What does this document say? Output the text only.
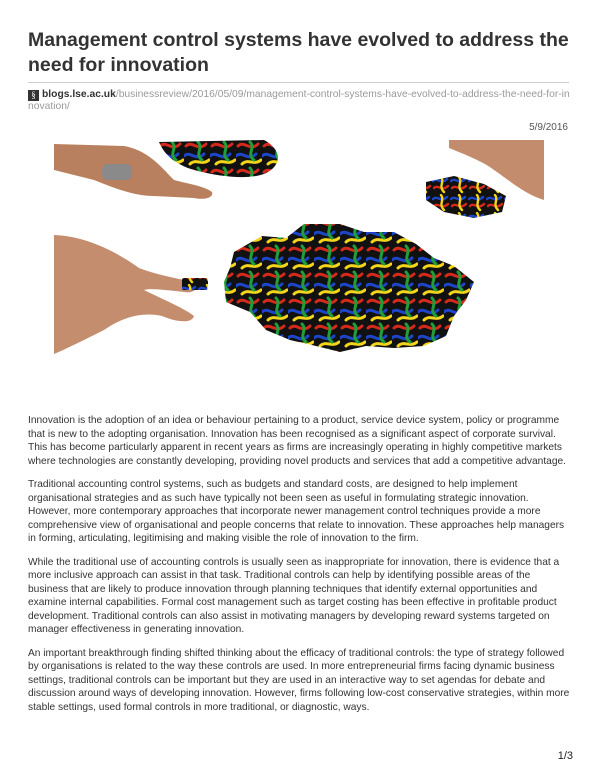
Management control systems have evolved to address the need for innovation
§ blogs.lse.ac.uk/businessreview/2016/05/09/management-control-systems-have-evolved-to-address-the-need-for-innovation/
5/9/2016

Innovation is the adoption of an idea or behaviour pertaining to a product, service device system, policy or programme that is new to the adopting organisation. Innovation has been recognised as a significant aspect of corporate survival. This has become particularly apparent in recent years as firms are increasingly operating in highly competitive markets where technologies are constantly developing, providing novel products and services that add a competitive advantage.

Traditional accounting control systems, such as budgets and standard costs, are designed to help implement organisational strategies and as such have typically not been seen as useful in formulating strategic innovation. However, more contemporary approaches that incorporate newer management control techniques provide a more comprehensive view of organisational and people concerns that relate to innovation. These approaches help managers in forming, articulating, legitimising and making visible the role of innovation to the firm.

While the traditional use of accounting controls is usually seen as inappropriate for innovation, there is evidence that a more inclusive approach can assist in that task. Traditional controls can help by identifying possible areas of the business that are likely to produce innovation through planning techniques that identify external opportunities and examine internal capabilities. Formal cost management such as target costing has been effective in profitable product development. Traditional controls can also assist in motivating managers by developing reward systems targeted on manager effectiveness in generating innovation.

An important breakthrough finding shifted thinking about the efficacy of traditional controls: the type of strategy followed by organisations is related to the way these controls are used. In more entrepreneurial firms facing dynamic business settings, traditional controls can be important but they are used in an interactive way to set agendas for debate and discussion around ways of developing innovation. However, firms following low-cost conservative strategies, within more stable settings, used formal controls in more traditional, or diagnostic, ways.

1/3
